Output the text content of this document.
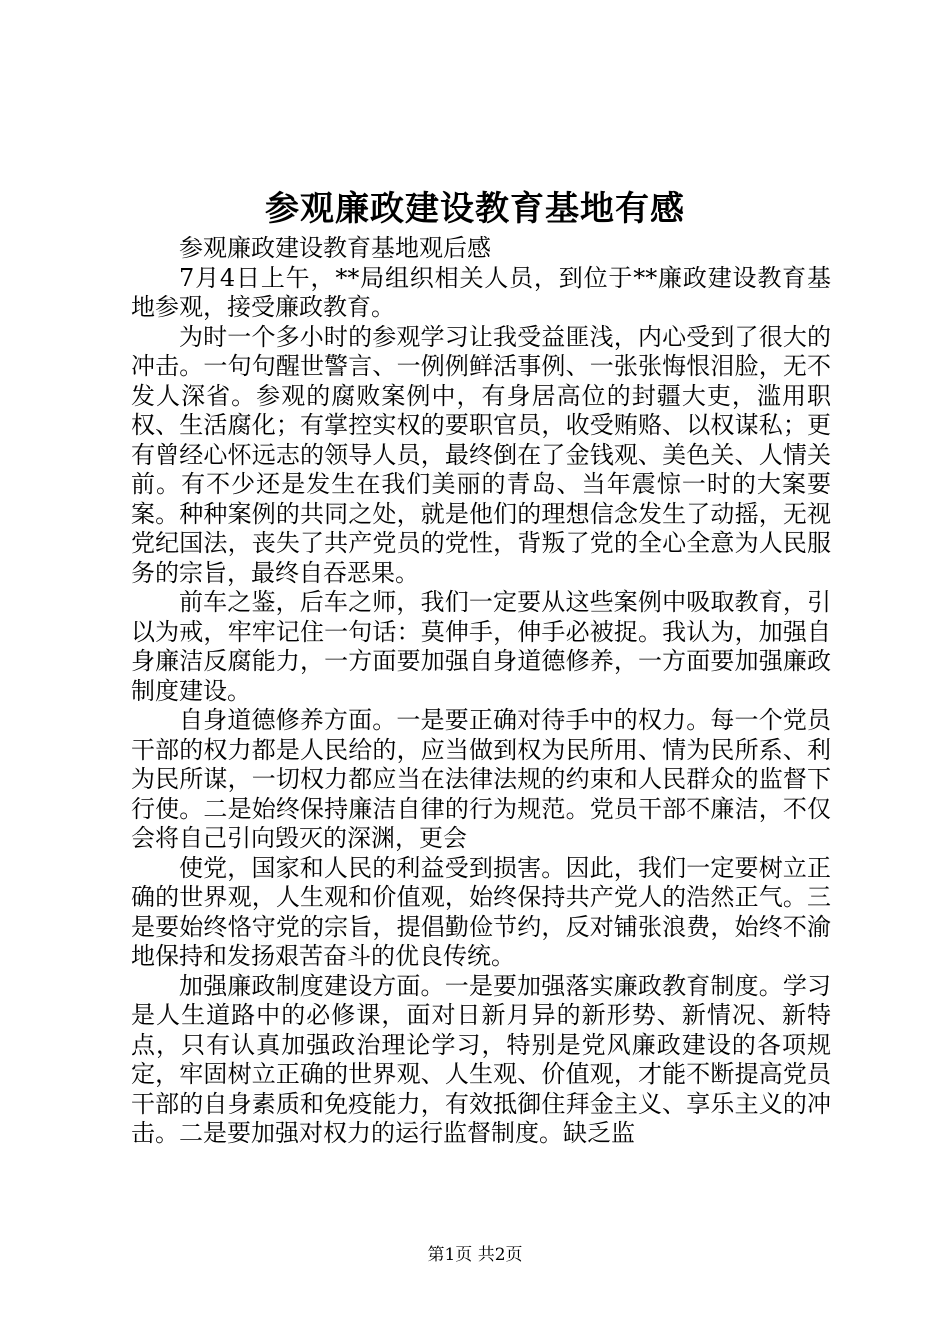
参观廉政建设教育基地有感

参观廉政建设教育基地观后感

7月4日上午，**局组织相关人员，到位于**廉政建设教育基地参观，接受廉政教育。

为时一个多小时的参观学习让我受益匪浅，内心受到了很大的冲击。一句句醒世警言、一例例鲜活事例、一张张悔恨泪脸，无不发人深省。参观的腐败案例中，有身居高位的封疆大吏，滥用职权、生活腐化；有掌控实权的要职官员，收受贿赂、以权谋私；更有曾经心怀远志的领导人员，最终倒在了金钱观、美色关、人情关前。有不少还是发生在我们美丽的青岛、当年震惊一时的大案要案。种种案例的共同之处，就是他们的理想信念发生了动摇，无视党纪国法，丧失了共产党员的党性，背叛了党的全心全意为人民服务的宗旨，最终自吞恶果。

前车之鉴，后车之师，我们一定要从这些案例中吸取教育，引以为戒，牢牢记住一句话：莫伸手，伸手必被捉。我认为，加强自身廉洁反腐能力，一方面要加强自身道德修养，一方面要加强廉政制度建设。

自身道德修养方面。一是要正确对待手中的权力。每一个党员干部的权力都是人民给的，应当做到权为民所用、情为民所系、利为民所谋，一切权力都应当在法律法规的约束和人民群众的监督下行使。二是始终保持廉洁自律的行为规范。党员干部不廉洁，不仅会将自己引向毁灭的深渊，更会

使党，国家和人民的利益受到损害。因此，我们一定要树立正确的世界观，人生观和价值观，始终保持共产党人的浩然正气。三是要始终恪守党的宗旨，提倡勤俭节约，反对铺张浪费，始终不渝地保持和发扬艰苦奋斗的优良传统。

加强廉政制度建设方面。一是要加强落实廉政教育制度。学习是人生道路中的必修课，面对日新月异的新形势、新情况、新特点，只有认真加强政治理论学习，特别是党风廉政建设的各项规定，牢固树立正确的世界观、人生观、价值观，才能不断提高党员干部的自身素质和免疫能力，有效抵御住拜金主义、享乐主义的冲击。二是要加强对权力的运行监督制度。缺乏监

第1页 共2页
